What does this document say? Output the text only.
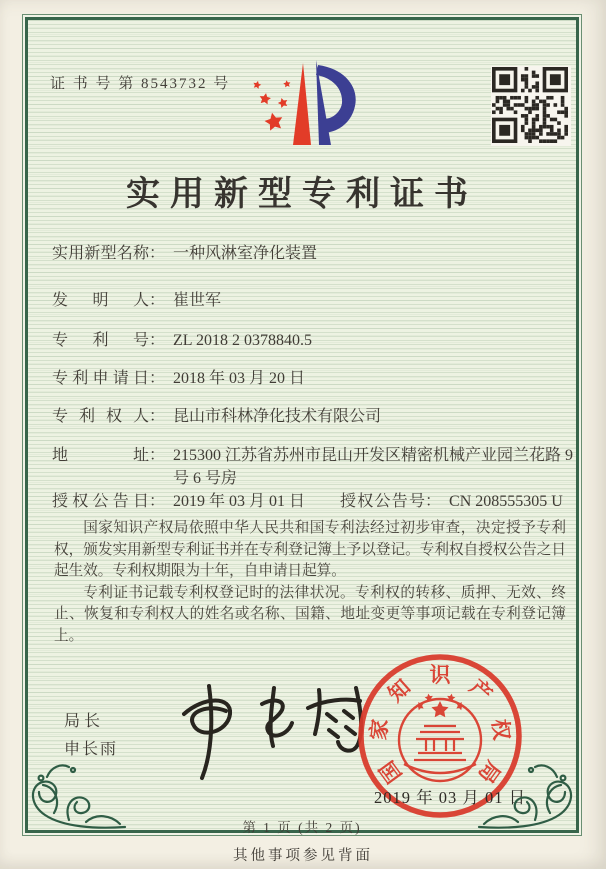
证 书 号 第 8543732 号
实用新型专利证书
实用新型名称： 一种风淋室净化装置
发明人： 崔世军
专利号： ZL 2018 2 0378840.5
专利申请日： 2018 年 03 月 20 日
专利权人： 昆山市科林净化技术有限公司
地址： 215300 江苏省苏州市昆山开发区精密机械产业园兰花路 9 号 6 号房
授权公告日： 2019 年 03 月 01 日 授权公告号： CN 208555305 U

国家知识产权局依照中华人民共和国专利法经过初步审查，决定授予专利权，颁发实用新型专利证书并在专利登记簿上予以登记。专利权自授权公告之日起生效。专利权期限为十年，自申请日起算。

专利证书记载专利权登记时的法律状况。专利权的转移、质押、无效、终止、恢复和专利权人的姓名或名称、国籍、地址变更等事项记载在专利登记簿上。

局长
申长雨
国
家
知 识 产
权
局
2019 年 03 月 01 日
第 1 页 (共 2 页)
其他事项参见背面
